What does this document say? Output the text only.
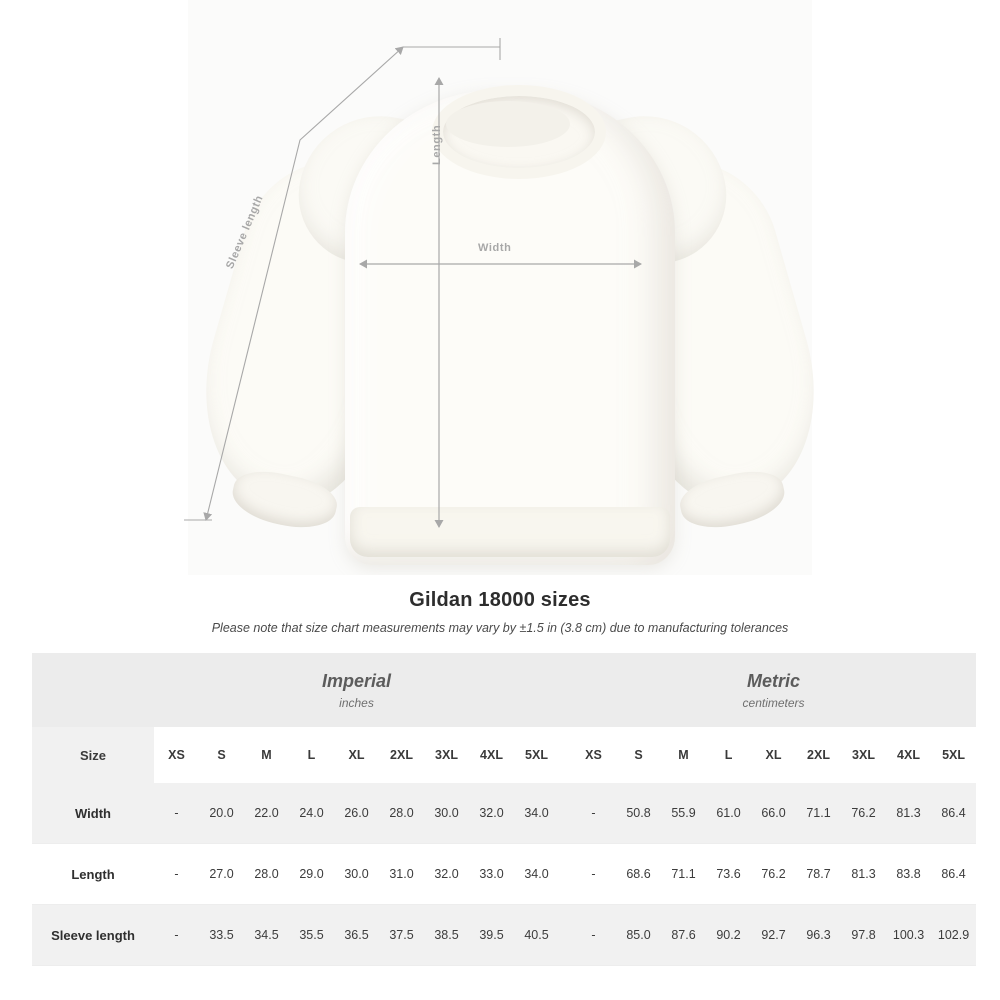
Width
Length
Sleeve length
Gildan 18000 sizes
Please note that size chart measurements may vary by ±1.5 in (3.8 cm) due to manufacturing tolerances

Imperial
inches

Metric
centimeters

Size	XS	S	M	L	XL	2XL	3XL	4XL	5XL		XS	S	M	L	XL	2XL	3XL	4XL	5XL
Width	-	20.0	22.0	24.0	26.0	28.0	30.0	32.0	34.0		-	50.8	55.9	61.0	66.0	71.1	76.2	81.3	86.4
Length	-	27.0	28.0	29.0	30.0	31.0	32.0	33.0	34.0		-	68.6	71.1	73.6	76.2	78.7	81.3	83.8	86.4
Sleeve length	-	33.5	34.5	35.5	36.5	37.5	38.5	39.5	40.5		-	85.0	87.6	90.2	92.7	96.3	97.8	100.3	102.9
